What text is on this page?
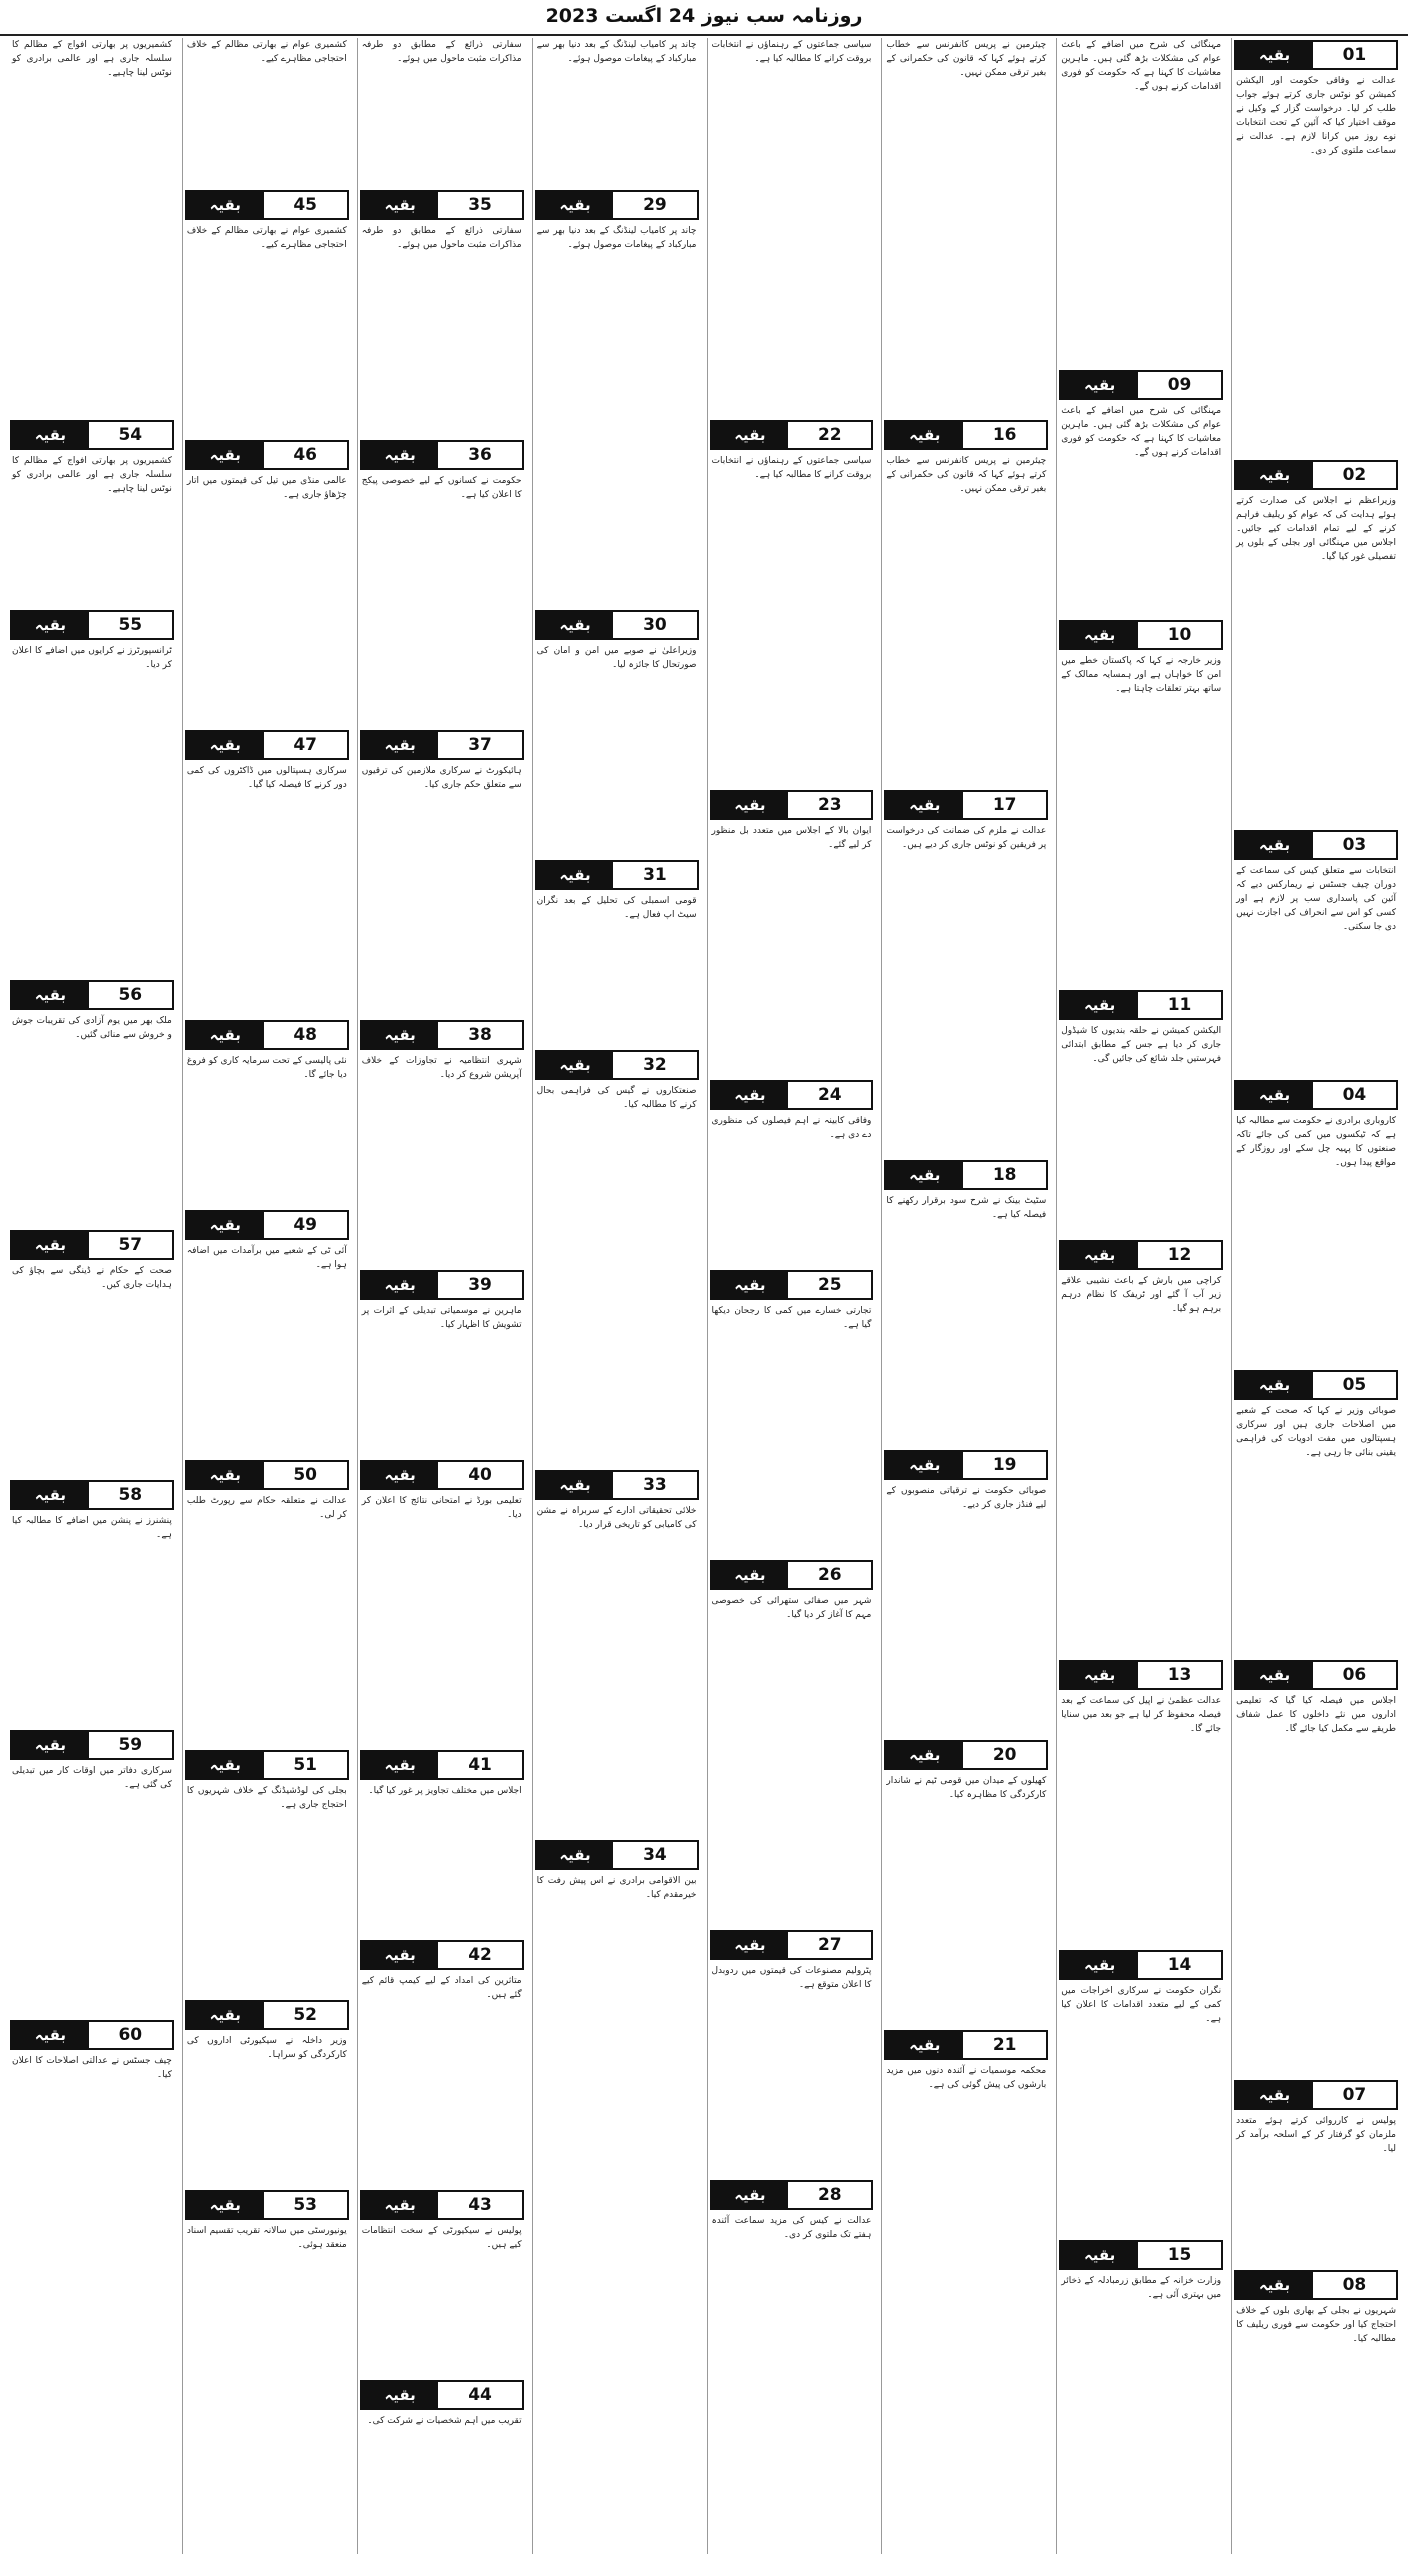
روزنامہ سب نیوز 24 اگست 2023
بقیہ	01
عدالت نے وفاقی حکومت اور الیکشن کمیشن کو نوٹس جاری کرتے ہوئے جواب طلب کر لیا۔ درخواست گزار کے وکیل نے موقف اختیار کیا کہ آئین کے تحت انتخابات نوے روز میں کرانا لازم ہے۔ عدالت نے سماعت ملتوی کر دی۔
بقیہ	02
وزیراعظم نے اجلاس کی صدارت کرتے ہوئے ہدایت کی کہ عوام کو ریلیف فراہم کرنے کے لیے تمام اقدامات کیے جائیں۔ اجلاس میں مہنگائی اور بجلی کے بلوں پر تفصیلی غور کیا گیا۔
بقیہ	03
انتخابات سے متعلق کیس کی سماعت کے دوران چیف جسٹس نے ریمارکس دیے کہ آئین کی پاسداری سب پر لازم ہے اور کسی کو اس سے انحراف کی اجازت نہیں دی جا سکتی۔
بقیہ	04
کاروباری برادری نے حکومت سے مطالبہ کیا ہے کہ ٹیکسوں میں کمی کی جائے تاکہ صنعتوں کا پہیہ چل سکے اور روزگار کے مواقع پیدا ہوں۔
بقیہ	05
صوبائی وزیر نے کہا کہ صحت کے شعبے میں اصلاحات جاری ہیں اور سرکاری ہسپتالوں میں مفت ادویات کی فراہمی یقینی بنائی جا رہی ہے۔
بقیہ	06
اجلاس میں فیصلہ کیا گیا کہ تعلیمی اداروں میں نئے داخلوں کا عمل شفاف طریقے سے مکمل کیا جائے گا۔
بقیہ	07
پولیس نے کارروائی کرتے ہوئے متعدد ملزمان کو گرفتار کر کے اسلحہ برآمد کر لیا۔
بقیہ	08
شہریوں نے بجلی کے بھاری بلوں کے خلاف احتجاج کیا اور حکومت سے فوری ریلیف کا مطالبہ کیا۔
مہنگائی کی شرح میں اضافے کے باعث عوام کی مشکلات بڑھ گئی ہیں۔ ماہرین معاشیات کا کہنا ہے کہ حکومت کو فوری اقدامات کرنے ہوں گے۔
بقیہ	09
مہنگائی کی شرح میں اضافے کے باعث عوام کی مشکلات بڑھ گئی ہیں۔ ماہرین معاشیات کا کہنا ہے کہ حکومت کو فوری اقدامات کرنے ہوں گے۔
بقیہ	10
وزیر خارجہ نے کہا کہ پاکستان خطے میں امن کا خواہاں ہے اور ہمسایہ ممالک کے ساتھ بہتر تعلقات چاہتا ہے۔
بقیہ	11
الیکشن کمیشن نے حلقہ بندیوں کا شیڈول جاری کر دیا ہے جس کے مطابق ابتدائی فہرستیں جلد شائع کی جائیں گی۔
بقیہ	12
کراچی میں بارش کے باعث نشیبی علاقے زیر آب آ گئے اور ٹریفک کا نظام درہم برہم ہو گیا۔
بقیہ	13
عدالت عظمیٰ نے اپیل کی سماعت کے بعد فیصلہ محفوظ کر لیا ہے جو بعد میں سنایا جائے گا۔
بقیہ	14
نگران حکومت نے سرکاری اخراجات میں کمی کے لیے متعدد اقدامات کا اعلان کیا ہے۔
بقیہ	15
وزارت خزانہ کے مطابق زرمبادلہ کے ذخائر میں بہتری آئی ہے۔
چیئرمین نے پریس کانفرنس سے خطاب کرتے ہوئے کہا کہ قانون کی حکمرانی کے بغیر ترقی ممکن نہیں۔
بقیہ	16
چیئرمین نے پریس کانفرنس سے خطاب کرتے ہوئے کہا کہ قانون کی حکمرانی کے بغیر ترقی ممکن نہیں۔
بقیہ	17
عدالت نے ملزم کی ضمانت کی درخواست پر فریقین کو نوٹس جاری کر دیے ہیں۔
بقیہ	18
سٹیٹ بینک نے شرح سود برقرار رکھنے کا فیصلہ کیا ہے۔
بقیہ	19
صوبائی حکومت نے ترقیاتی منصوبوں کے لیے فنڈز جاری کر دیے۔
بقیہ	20
کھیلوں کے میدان میں قومی ٹیم نے شاندار کارکردگی کا مظاہرہ کیا۔
بقیہ	21
محکمہ موسمیات نے آئندہ دنوں میں مزید بارشوں کی پیش گوئی کی ہے۔
سیاسی جماعتوں کے رہنماؤں نے انتخابات بروقت کرانے کا مطالبہ کیا ہے۔
بقیہ	22
سیاسی جماعتوں کے رہنماؤں نے انتخابات بروقت کرانے کا مطالبہ کیا ہے۔
بقیہ	23
ایوان بالا کے اجلاس میں متعدد بل منظور کر لیے گئے۔
بقیہ	24
وفاقی کابینہ نے اہم فیصلوں کی منظوری دے دی ہے۔
بقیہ	25
تجارتی خسارے میں کمی کا رجحان دیکھا گیا ہے۔
بقیہ	26
شہر میں صفائی ستھرائی کی خصوصی مہم کا آغاز کر دیا گیا۔
بقیہ	27
پٹرولیم مصنوعات کی قیمتوں میں ردوبدل کا اعلان متوقع ہے۔
بقیہ	28
عدالت نے کیس کی مزید سماعت آئندہ ہفتے تک ملتوی کر دی۔
چاند پر کامیاب لینڈنگ کے بعد دنیا بھر سے مبارکباد کے پیغامات موصول ہوئے۔
بقیہ	29
چاند پر کامیاب لینڈنگ کے بعد دنیا بھر سے مبارکباد کے پیغامات موصول ہوئے۔
بقیہ	30
وزیراعلیٰ نے صوبے میں امن و امان کی صورتحال کا جائزہ لیا۔
بقیہ	31
قومی اسمبلی کی تحلیل کے بعد نگران سیٹ اپ فعال ہے۔
بقیہ	32
صنعتکاروں نے گیس کی فراہمی بحال کرنے کا مطالبہ کیا۔
بقیہ	33
خلائی تحقیقاتی ادارے کے سربراہ نے مشن کی کامیابی کو تاریخی قرار دیا۔
بقیہ	34
بین الاقوامی برادری نے اس پیش رفت کا خیرمقدم کیا۔
سفارتی ذرائع کے مطابق دو طرفہ مذاکرات مثبت ماحول میں ہوئے۔
بقیہ	35
سفارتی ذرائع کے مطابق دو طرفہ مذاکرات مثبت ماحول میں ہوئے۔
بقیہ	36
حکومت نے کسانوں کے لیے خصوصی پیکج کا اعلان کیا ہے۔
بقیہ	37
ہائیکورٹ نے سرکاری ملازمین کی ترقیوں سے متعلق حکم جاری کیا۔
بقیہ	38
شہری انتظامیہ نے تجاوزات کے خلاف آپریشن شروع کر دیا۔
بقیہ	39
ماہرین نے موسمیاتی تبدیلی کے اثرات پر تشویش کا اظہار کیا۔
بقیہ	40
تعلیمی بورڈ نے امتحانی نتائج کا اعلان کر دیا۔
بقیہ	41
اجلاس میں مختلف تجاویز پر غور کیا گیا۔
بقیہ	42
متاثرین کی امداد کے لیے کیمپ قائم کیے گئے ہیں۔
بقیہ	43
پولیس نے سیکیورٹی کے سخت انتظامات کیے ہیں۔
بقیہ	44
تقریب میں اہم شخصیات نے شرکت کی۔
کشمیری عوام نے بھارتی مظالم کے خلاف احتجاجی مظاہرے کیے۔
بقیہ	45
کشمیری عوام نے بھارتی مظالم کے خلاف احتجاجی مظاہرے کیے۔
بقیہ	46
عالمی منڈی میں تیل کی قیمتوں میں اتار چڑھاؤ جاری ہے۔
بقیہ	47
سرکاری ہسپتالوں میں ڈاکٹروں کی کمی دور کرنے کا فیصلہ کیا گیا۔
بقیہ	48
نئی پالیسی کے تحت سرمایہ کاری کو فروغ دیا جائے گا۔
بقیہ	49
آئی ٹی کے شعبے میں برآمدات میں اضافہ ہوا ہے۔
بقیہ	50
عدالت نے متعلقہ حکام سے رپورٹ طلب کر لی۔
بقیہ	51
بجلی کی لوڈشیڈنگ کے خلاف شہریوں کا احتجاج جاری ہے۔
بقیہ	52
وزیر داخلہ نے سیکیورٹی اداروں کی کارکردگی کو سراہا۔
بقیہ	53
یونیورسٹی میں سالانہ تقریب تقسیم اسناد منعقد ہوئی۔
کشمیریوں پر بھارتی افواج کے مظالم کا سلسلہ جاری ہے اور عالمی برادری کو نوٹس لینا چاہیے۔
بقیہ	54
کشمیریوں پر بھارتی افواج کے مظالم کا سلسلہ جاری ہے اور عالمی برادری کو نوٹس لینا چاہیے۔
بقیہ	55
ٹرانسپورٹرز نے کرایوں میں اضافے کا اعلان کر دیا۔
بقیہ	56
ملک بھر میں یوم آزادی کی تقریبات جوش و خروش سے منائی گئیں۔
بقیہ	57
صحت کے حکام نے ڈینگی سے بچاؤ کی ہدایات جاری کیں۔
بقیہ	58
پنشنرز نے پنشن میں اضافے کا مطالبہ کیا ہے۔
بقیہ	59
سرکاری دفاتر میں اوقات کار میں تبدیلی کی گئی ہے۔
بقیہ	60
چیف جسٹس نے عدالتی اصلاحات کا اعلان کیا۔
